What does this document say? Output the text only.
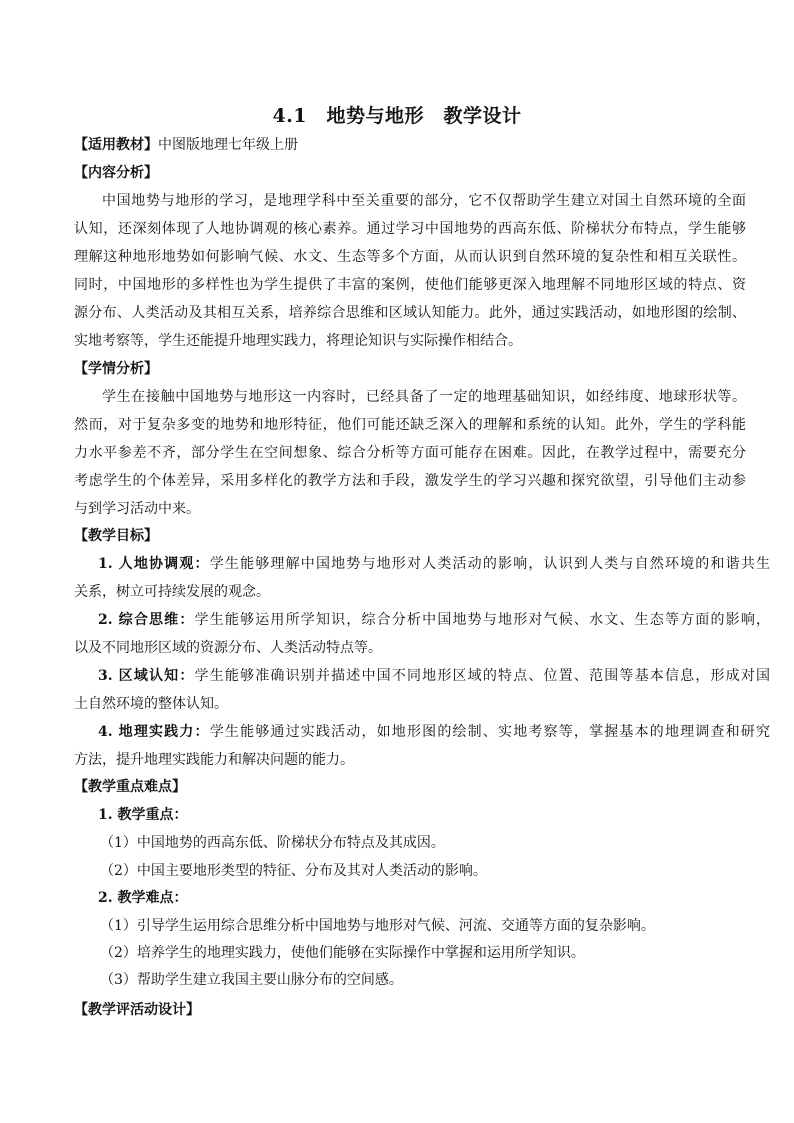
4.1　地势与地形　教学设计
【适用教材】中图版地理七年级上册
【内容分析】
中国地势与地形的学习，是地理学科中至关重要的部分，它不仅帮助学生建立对国土自然环境的全面
认知，还深刻体现了人地协调观的核心素养。通过学习中国地势的西高东低、阶梯状分布特点，学生能够
理解这种地形地势如何影响气候、水文、生态等多个方面，从而认识到自然环境的复杂性和相互关联性。
同时，中国地形的多样性也为学生提供了丰富的案例，使他们能够更深入地理解不同地形区域的特点、资
源分布、人类活动及其相互关系，培养综合思维和区域认知能力。此外，通过实践活动，如地形图的绘制、
实地考察等，学生还能提升地理实践力，将理论知识与实际操作相结合。
【学情分析】
学生在接触中国地势与地形这一内容时，已经具备了一定的地理基础知识，如经纬度、地球形状等。
然而，对于复杂多变的地势和地形特征，他们可能还缺乏深入的理解和系统的认知。此外，学生的学科能
力水平参差不齐，部分学生在空间想象、综合分析等方面可能存在困难。因此，在教学过程中，需要充分
考虑学生的个体差异，采用多样化的教学方法和手段，激发学生的学习兴趣和探究欲望，引导他们主动参
与到学习活动中来。
【教学目标】
1. 人地协调观：学生能够理解中国地势与地形对人类活动的影响，认识到人类与自然环境的和谐共生
关系，树立可持续发展的观念。
2. 综合思维：学生能够运用所学知识，综合分析中国地势与地形对气候、水文、生态等方面的影响，
以及不同地形区域的资源分布、人类活动特点等。
3. 区域认知：学生能够准确识别并描述中国不同地形区域的特点、位置、范围等基本信息，形成对国
土自然环境的整体认知。
4. 地理实践力：学生能够通过实践活动，如地形图的绘制、实地考察等，掌握基本的地理调查和研究
方法，提升地理实践能力和解决问题的能力。
【教学重点难点】
1. 教学重点：
（1）中国地势的西高东低、阶梯状分布特点及其成因。
（2）中国主要地形类型的特征、分布及其对人类活动的影响。
2. 教学难点：
（1）引导学生运用综合思维分析中国地势与地形对气候、河流、交通等方面的复杂影响。
（2）培养学生的地理实践力，使他们能够在实际操作中掌握和运用所学知识。
（3）帮助学生建立我国主要山脉分布的空间感。
【教学评活动设计】
